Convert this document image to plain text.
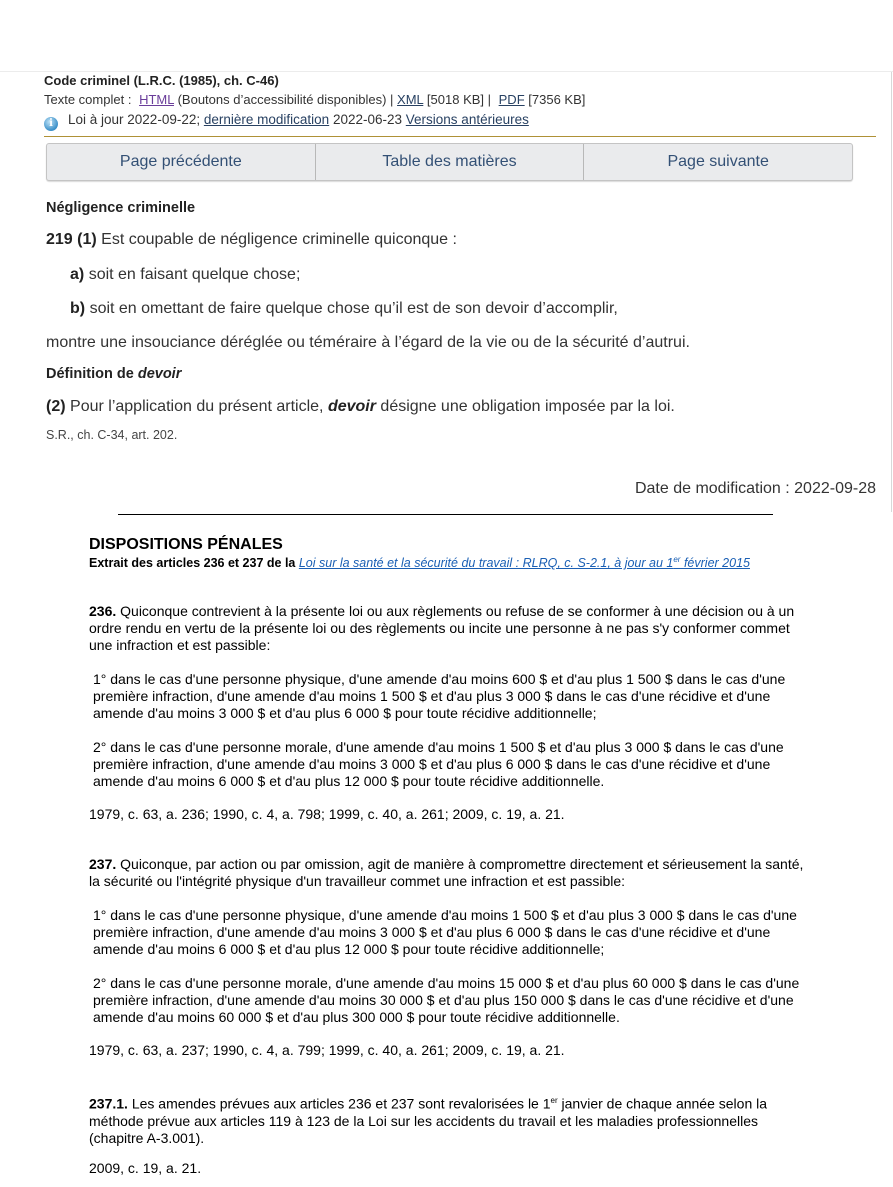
Code criminel (L.R.C. (1985), ch. C-46)
Texte complet : HTML (Boutons d’accessibilité disponibles) | XML [5018 KB] | PDF [7356 KB]
i Loi à jour 2022-09-22; dernière modification 2022-06-23 Versions antérieures
Page précédente	Table des matières	Page suivante
Négligence criminelle
219 (1) Est coupable de négligence criminelle quiconque :
a) soit en faisant quelque chose;
b) soit en omettant de faire quelque chose qu’il est de son devoir d’accomplir,
montre une insouciance déréglée ou téméraire à l’égard de la vie ou de la sécurité d’autrui.
Définition de devoir
(2) Pour l’application du présent article, devoir désigne une obligation imposée par la loi.
S.R., ch. C-34, art. 202.
Date de modification : 2022-09-28
DISPOSITIONS PÉNALES
Extrait des articles 236 et 237 de la Loi sur la santé et la sécurité du travail : RLRQ, c. S-2.1, à jour au 1er février 2015
236. Quiconque contrevient à la présente loi ou aux règlements ou refuse de se conformer à une décision ou à un ordre rendu en vertu de la présente loi ou des règlements ou incite une personne à ne pas s'y conformer commet une infraction et est passible:
1° dans le cas d'une personne physique, d'une amende d'au moins 600 $ et d'au plus 1 500 $ dans le cas d'une première infraction, d'une amende d'au moins 1 500 $ et d'au plus 3 000 $ dans le cas d'une récidive et d'une amende d'au moins 3 000 $ et d'au plus 6 000 $ pour toute récidive additionnelle;
2° dans le cas d'une personne morale, d'une amende d'au moins 1 500 $ et d'au plus 3 000 $ dans le cas d'une première infraction, d'une amende d'au moins 3 000 $ et d'au plus 6 000 $ dans le cas d'une récidive et d'une amende d'au moins 6 000 $ et d'au plus 12 000 $ pour toute récidive additionnelle.
1979, c. 63, a. 236; 1990, c. 4, a. 798; 1999, c. 40, a. 261; 2009, c. 19, a. 21.
237. Quiconque, par action ou par omission, agit de manière à compromettre directement et sérieusement la santé, la sécurité ou l'intégrité physique d'un travailleur commet une infraction et est passible:
1° dans le cas d'une personne physique, d'une amende d'au moins 1 500 $ et d'au plus 3 000 $ dans le cas d'une première infraction, d'une amende d'au moins 3 000 $ et d'au plus 6 000 $ dans le cas d'une récidive et d'une amende d'au moins 6 000 $ et d'au plus 12 000 $ pour toute récidive additionnelle;
2° dans le cas d'une personne morale, d'une amende d'au moins 15 000 $ et d'au plus 60 000 $ dans le cas d'une première infraction, d'une amende d'au moins 30 000 $ et d'au plus 150 000 $ dans le cas d'une récidive et d'une amende d'au moins 60 000 $ et d'au plus 300 000 $ pour toute récidive additionnelle.
1979, c. 63, a. 237; 1990, c. 4, a. 799; 1999, c. 40, a. 261; 2009, c. 19, a. 21.
237.1. Les amendes prévues aux articles 236 et 237 sont revalorisées le 1er janvier de chaque année selon la méthode prévue aux articles 119 à 123 de la Loi sur les accidents du travail et les maladies professionnelles (chapitre A-3.001).
2009, c. 19, a. 21.
